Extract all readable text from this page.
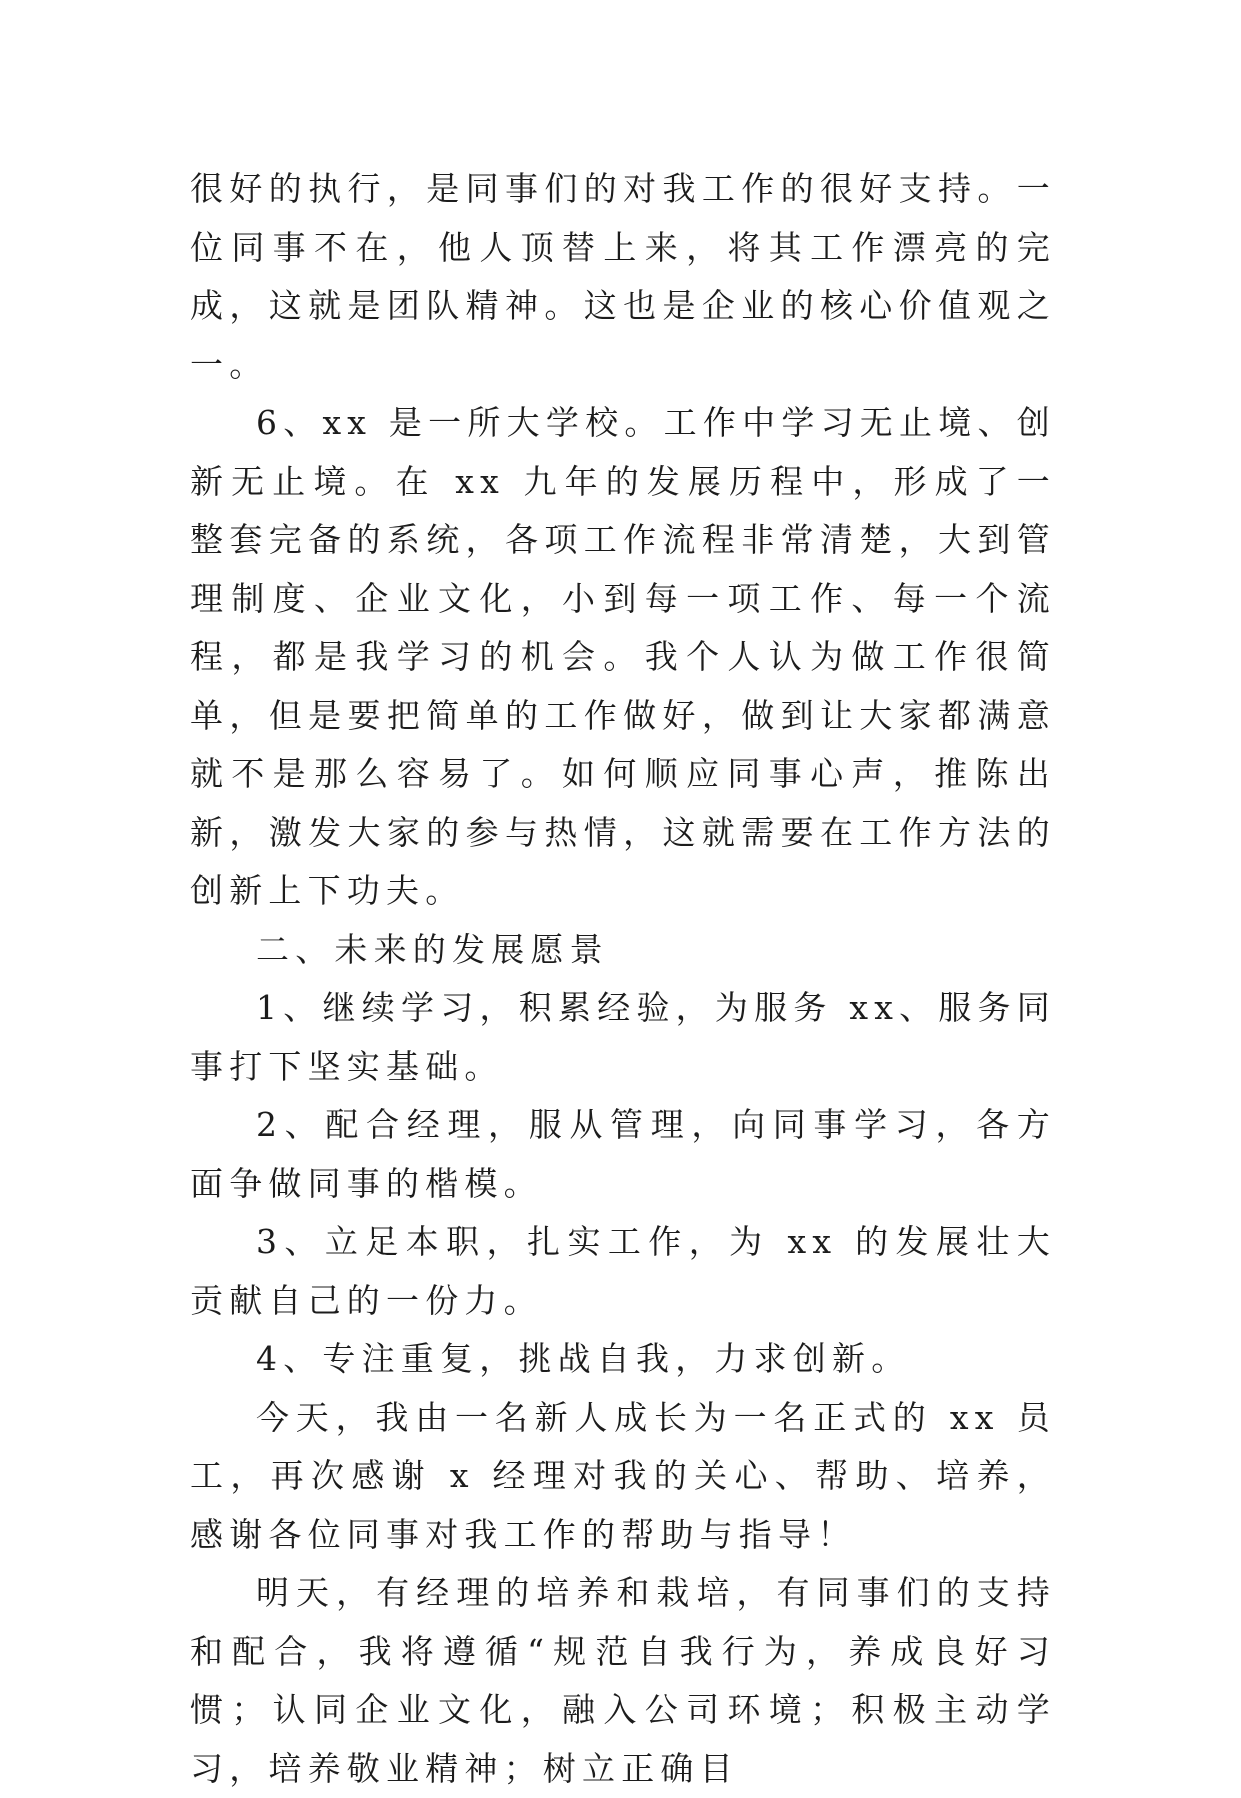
很好的执行，是同事们的对我工作的很好支持。一位同事不在，他人顶替上来，将其工作漂亮的完成，这就是团队精神。这也是企业的核心价值观之一。

6、xx 是一所大学校。工作中学习无止境、创新无止境。在 xx 九年的发展历程中，形成了一整套完备的系统，各项工作流程非常清楚，大到管理制度、企业文化，小到每一项工作、每一个流程，都是我学习的机会。我个人认为做工作很简单，但是要把简单的工作做好，做到让大家都满意就不是那么容易了。如何顺应同事心声，推陈出新，激发大家的参与热情，这就需要在工作方法的创新上下功夫。

二、未来的发展愿景

1、继续学习，积累经验，为服务 xx、服务同事打下坚实基础。

2、配合经理，服从管理，向同事学习，各方面争做同事的楷模。

3、立足本职，扎实工作，为 xx 的发展壮大贡献自己的一份力。

4、专注重复，挑战自我，力求创新。

今天，我由一名新人成长为一名正式的 xx 员工，再次感谢 x 经理对我的关心、帮助、培养，感谢各位同事对我工作的帮助与指导！

明天，有经理的培养和栽培，有同事们的支持和配合，我将遵循“规范自我行为，养成良好习惯；认同企业文化，融入公司环境；积极主动学习，培养敬业精神；树立正确目
